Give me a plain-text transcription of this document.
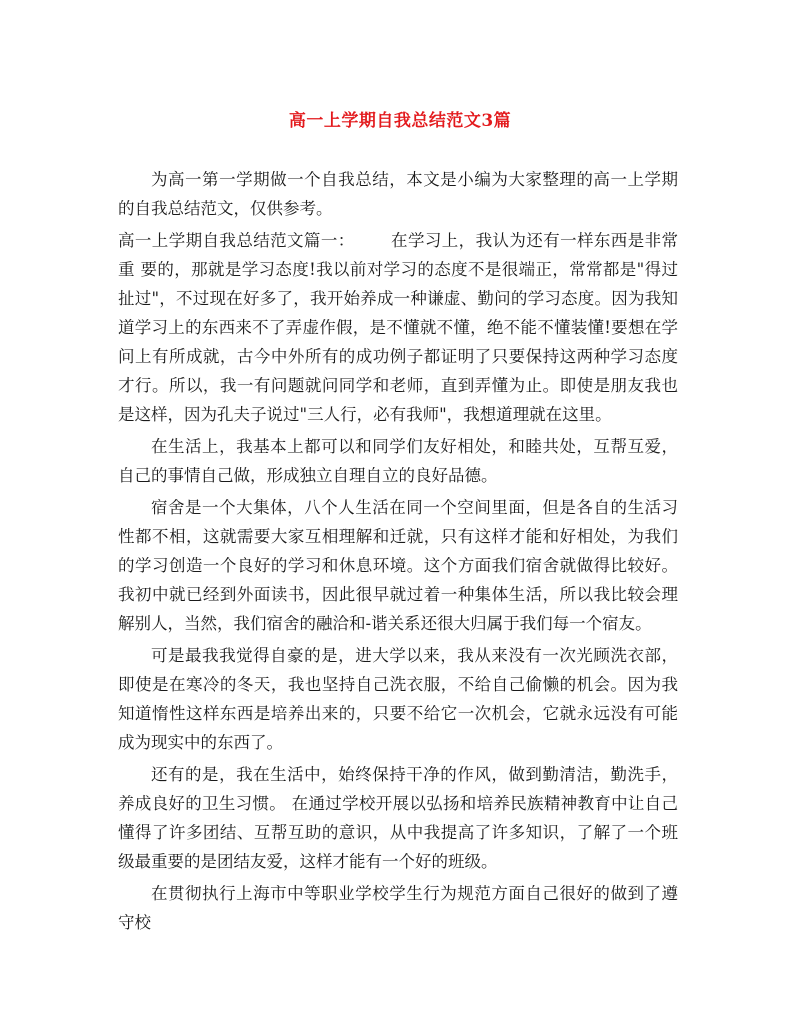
高一上学期自我总结范文3篇

为高一第一学期做一个自我总结，本文是小编为大家整理的高一上学期的自我总结范文，仅供参考。

高一上学期自我总结范文篇一： 在学习上，我认为还有一样东西是非常重 要的，那就是学习态度!我以前对学习的态度不是很端正，常常都是"得过扯过"，不过现在好多了，我开始养成一种谦虚、勤问的学习态度。因为我知道学习上的东西来不了弄虚作假，是不懂就不懂，绝不能不懂装懂!要想在学问上有所成就，古今中外所有的成功例子都证明了只要保持这两种学习态度才行。所以，我一有问题就问同学和老师，直到弄懂为止。即使是朋友我也是这样，因为孔夫子说过"三人行，必有我师"，我想道理就在这里。

在生活上，我基本上都可以和同学们友好相处，和睦共处，互帮互爱，自己的事情自己做，形成独立自理自立的良好品德。

宿舍是一个大集体，八个人生活在同一个空间里面，但是各自的生活习性都不相，这就需要大家互相理解和迁就，只有这样才能和好相处，为我们的学习创造一个良好的学习和休息环境。这个方面我们宿舍就做得比较好。我初中就已经到外面读书，因此很早就过着一种集体生活，所以我比较会理解别人，当然，我们宿舍的融洽和-谐关系还很大归属于我们每一个宿友。

可是最我我觉得自豪的是，进大学以来，我从来没有一次光顾洗衣部，即使是在寒冷的冬天，我也坚持自己洗衣服，不给自己偷懒的机会。因为我知道惰性这样东西是培养出来的，只要不给它一次机会，它就永远没有可能成为现实中的东西了。

还有的是，我在生活中，始终保持干净的作风，做到勤清洁，勤洗手，养成良好的卫生习惯。 在通过学校开展以弘扬和培养民族精神教育中让自己懂得了许多团结、互帮互助的意识，从中我提高了许多知识，了解了一个班级最重要的是团结友爱，这样才能有一个好的班级。

在贯彻执行上海市中等职业学校学生行为规范方面自己很好的做到了遵守校
